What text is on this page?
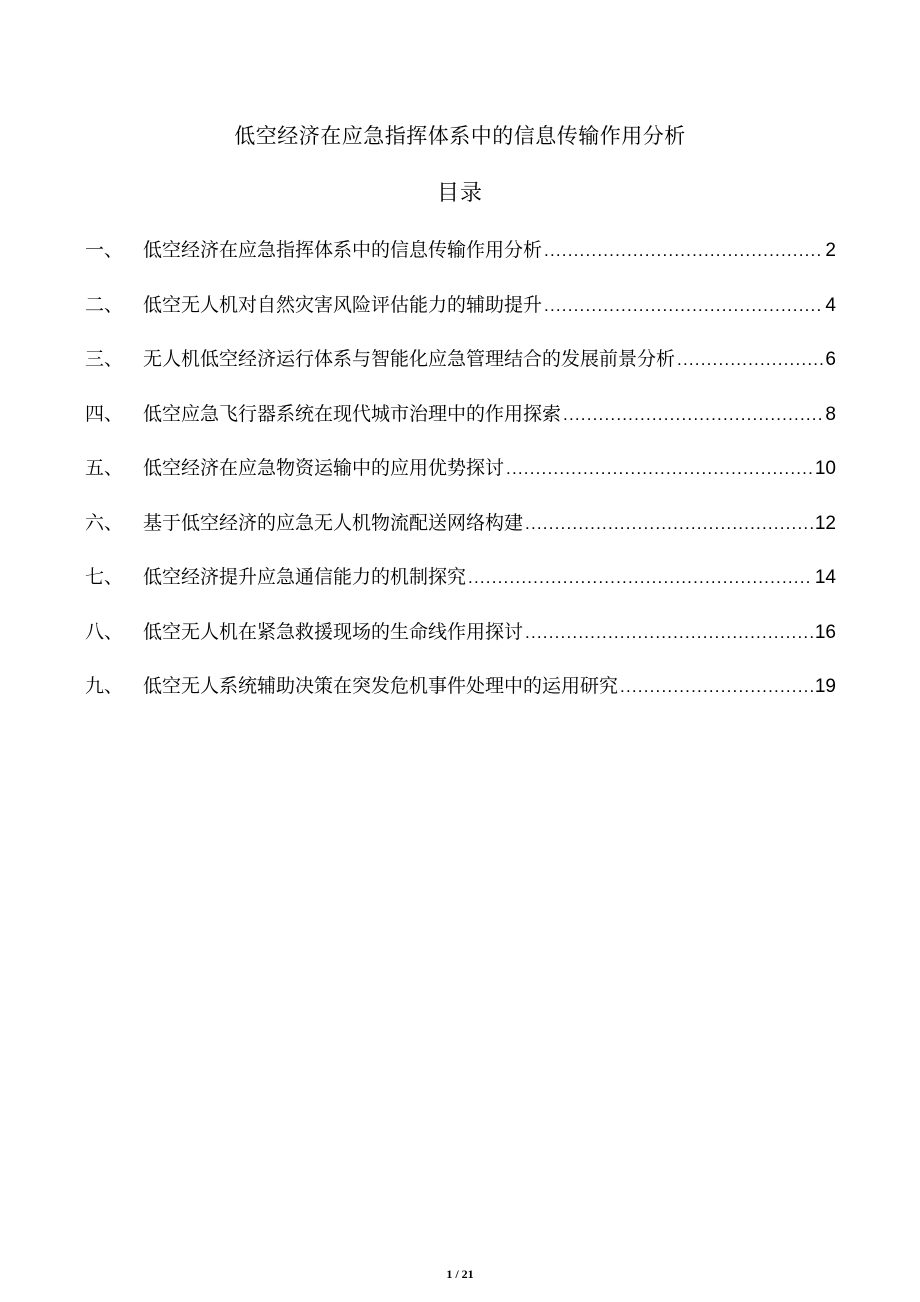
低空经济在应急指挥体系中的信息传输作用分析
目录
一、	低空经济在应急指挥体系中的信息传输作用分析 .....	2
二、	低空无人机对自然灾害风险评估能力的辅助提升 .....	4
三、	无人机低空经济运行体系与智能化应急管理结合的发展前景分析 .....	6
四、	低空应急飞行器系统在现代城市治理中的作用探索 .....	8
五、	低空经济在应急物资运输中的应用优势探讨 .....	10
六、	基于低空经济的应急无人机物流配送网络构建 .....	12
七、	低空经济提升应急通信能力的机制探究 .....	14
八、	低空无人机在紧急救援现场的生命线作用探讨 .....	16
九、	低空无人系统辅助决策在突发危机事件处理中的运用研究 .....	19
1 / 21
